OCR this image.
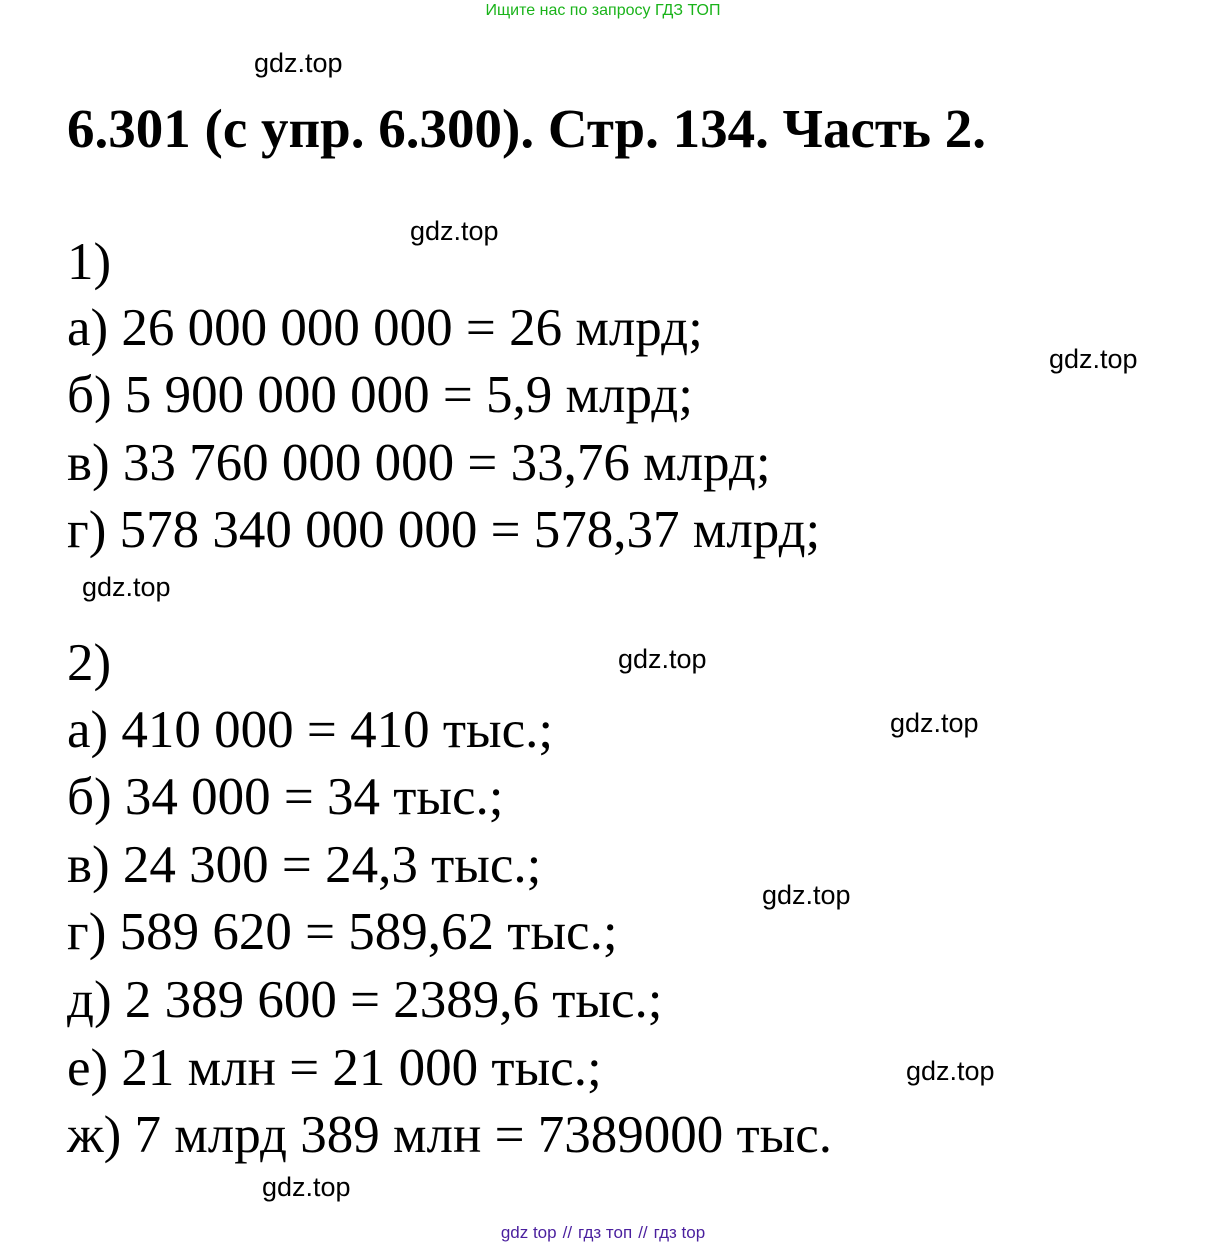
Ищите нас по запросу ГДЗ ТОП
gdz.top
gdz.top
gdz.top
gdz.top
gdz.top
gdz.top
gdz.top
gdz.top
gdz.top
6.301 (с упр. 6.300). Стр. 134. Часть 2.
1)
а) 26 000 000 000 = 26 млрд;
б) 5 900 000 000 = 5,9 млрд;
в) 33 760 000 000 = 33,76 млрд;
г) 578 340 000 000 = 578,37 млрд;
2)
а) 410 000 = 410 тыс.;
б) 34 000 = 34 тыс.;
в) 24 300 = 24,3 тыс.;
г) 589 620 = 589,62 тыс.;
д) 2 389 600 = 2389,6 тыс.;
е) 21 млн = 21 000 тыс.;
ж) 7 млрд 389 млн = 7389000 тыс.
gdz top // гдз топ // гдз top
